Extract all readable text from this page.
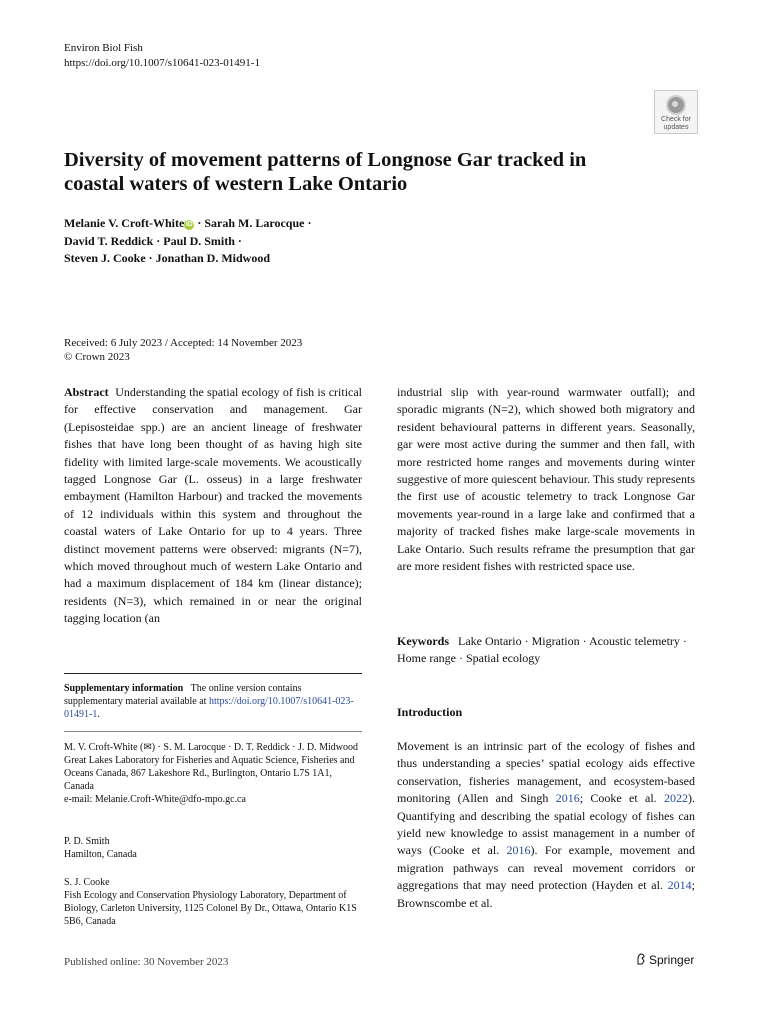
Environ Biol Fish
https://doi.org/10.1007/s10641-023-01491-1
Check for
updates
Diversity of movement patterns of Longnose Gar tracked in coastal waters of western Lake Ontario
Melanie V. Croft-White iD · Sarah M. Larocque ·
David T. Reddick · Paul D. Smith ·
Steven J. Cooke · Jonathan D. Midwood
Received: 6 July 2023 / Accepted: 14 November 2023
© Crown 2023
Abstract Understanding the spatial ecology of fish is critical for effective conservation and management. Gar (Lepisosteidae spp.) are an ancient lineage of freshwater fishes that have long been thought of as having high site fidelity with limited large-scale movements. We acoustically tagged Longnose Gar (L. osseus) in a large freshwater embayment (Hamilton Harbour) and tracked the movements of 12 individuals within this system and throughout the coastal waters of Lake Ontario for up to 4 years. Three distinct movement patterns were observed: migrants (N=7), which moved throughout much of western Lake Ontario and had a maximum displacement of 184 km (linear distance); residents (N=3), which remained in or near the original tagging location (an
industrial slip with year-round warmwater outfall); and sporadic migrants (N=2), which showed both migratory and resident behavioural patterns in different years. Seasonally, gar were most active during the summer and then fall, with more restricted home ranges and movements during winter suggestive of more quiescent behaviour. This study represents the first use of acoustic telemetry to track Longnose Gar movements year-round in a large lake and confirmed that a majority of tracked fishes make large-scale movements in Lake Ontario. Such results reframe the presumption that gar are more resident fishes with restricted space use.
Keywords Lake Ontario · Migration · Acoustic telemetry · Home range · Spatial ecology
Introduction
Movement is an intrinsic part of the ecology of fishes and thus understanding a species’ spatial ecology aids effective conservation, fisheries management, and ecosystem-based monitoring (Allen and Singh 2016; Cooke et al. 2022). Quantifying and describing the spatial ecology of fishes can yield new knowledge to assist management in a number of ways (Cooke et al. 2016). For example, movement and migration pathways can reveal movement corridors or aggregations that may need protection (Hayden et al. 2014; Brownscombe et al.
Supplementary information The online version contains supplementary material available at https://doi.org/10.1007/s10641-023-01491-1.
M. V. Croft-White (✉) · S. M. Larocque · D. T. Reddick · J. D. Midwood
Great Lakes Laboratory for Fisheries and Aquatic Science, Fisheries and Oceans Canada, 867 Lakeshore Rd., Burlington, Ontario L7S 1A1, Canada
e-mail: Melanie.Croft-White@dfo-mpo.gc.ca
P. D. Smith
Hamilton, Canada
S. J. Cooke
Fish Ecology and Conservation Physiology Laboratory, Department of Biology, Carleton University, 1125 Colonel By Dr., Ottawa, Ontario K1S 5B6, Canada
Published online: 30 November 2023	Springer
